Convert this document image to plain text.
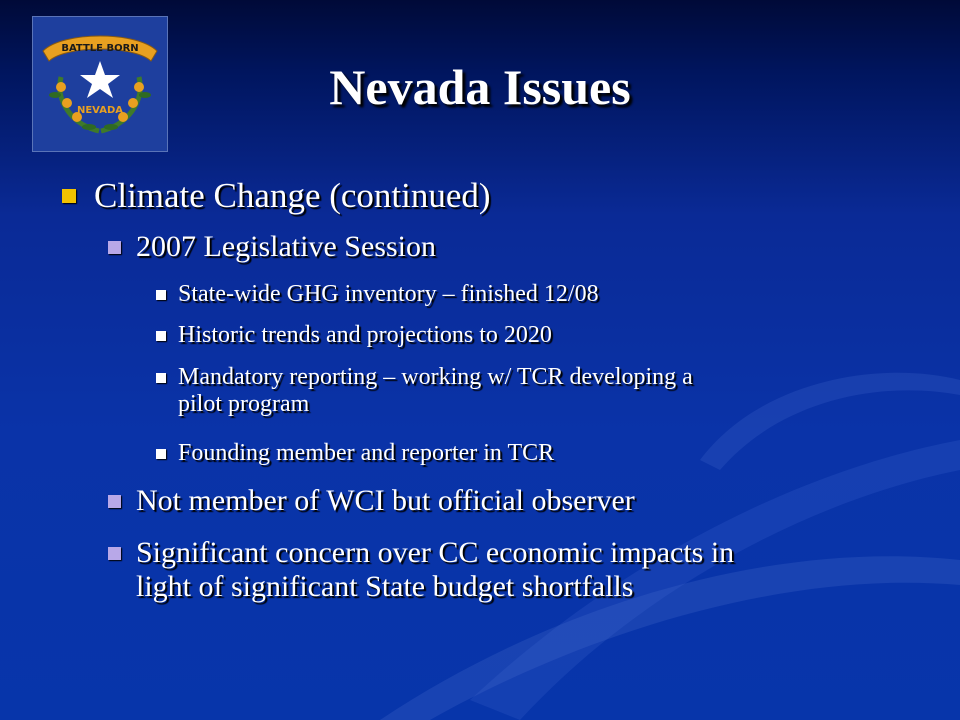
BATTLE BORN
NEVADA	Nevada Issues
Climate Change (continued)
2007 Legislative Session
State-wide GHG inventory – finished 12/08
Historic trends and projections to 2020
Mandatory reporting – working w/ TCR developing a
pilot program
Founding member and reporter in TCR
Not member of WCI but official observer
Significant concern over CC economic impacts in
light of significant State budget shortfalls
